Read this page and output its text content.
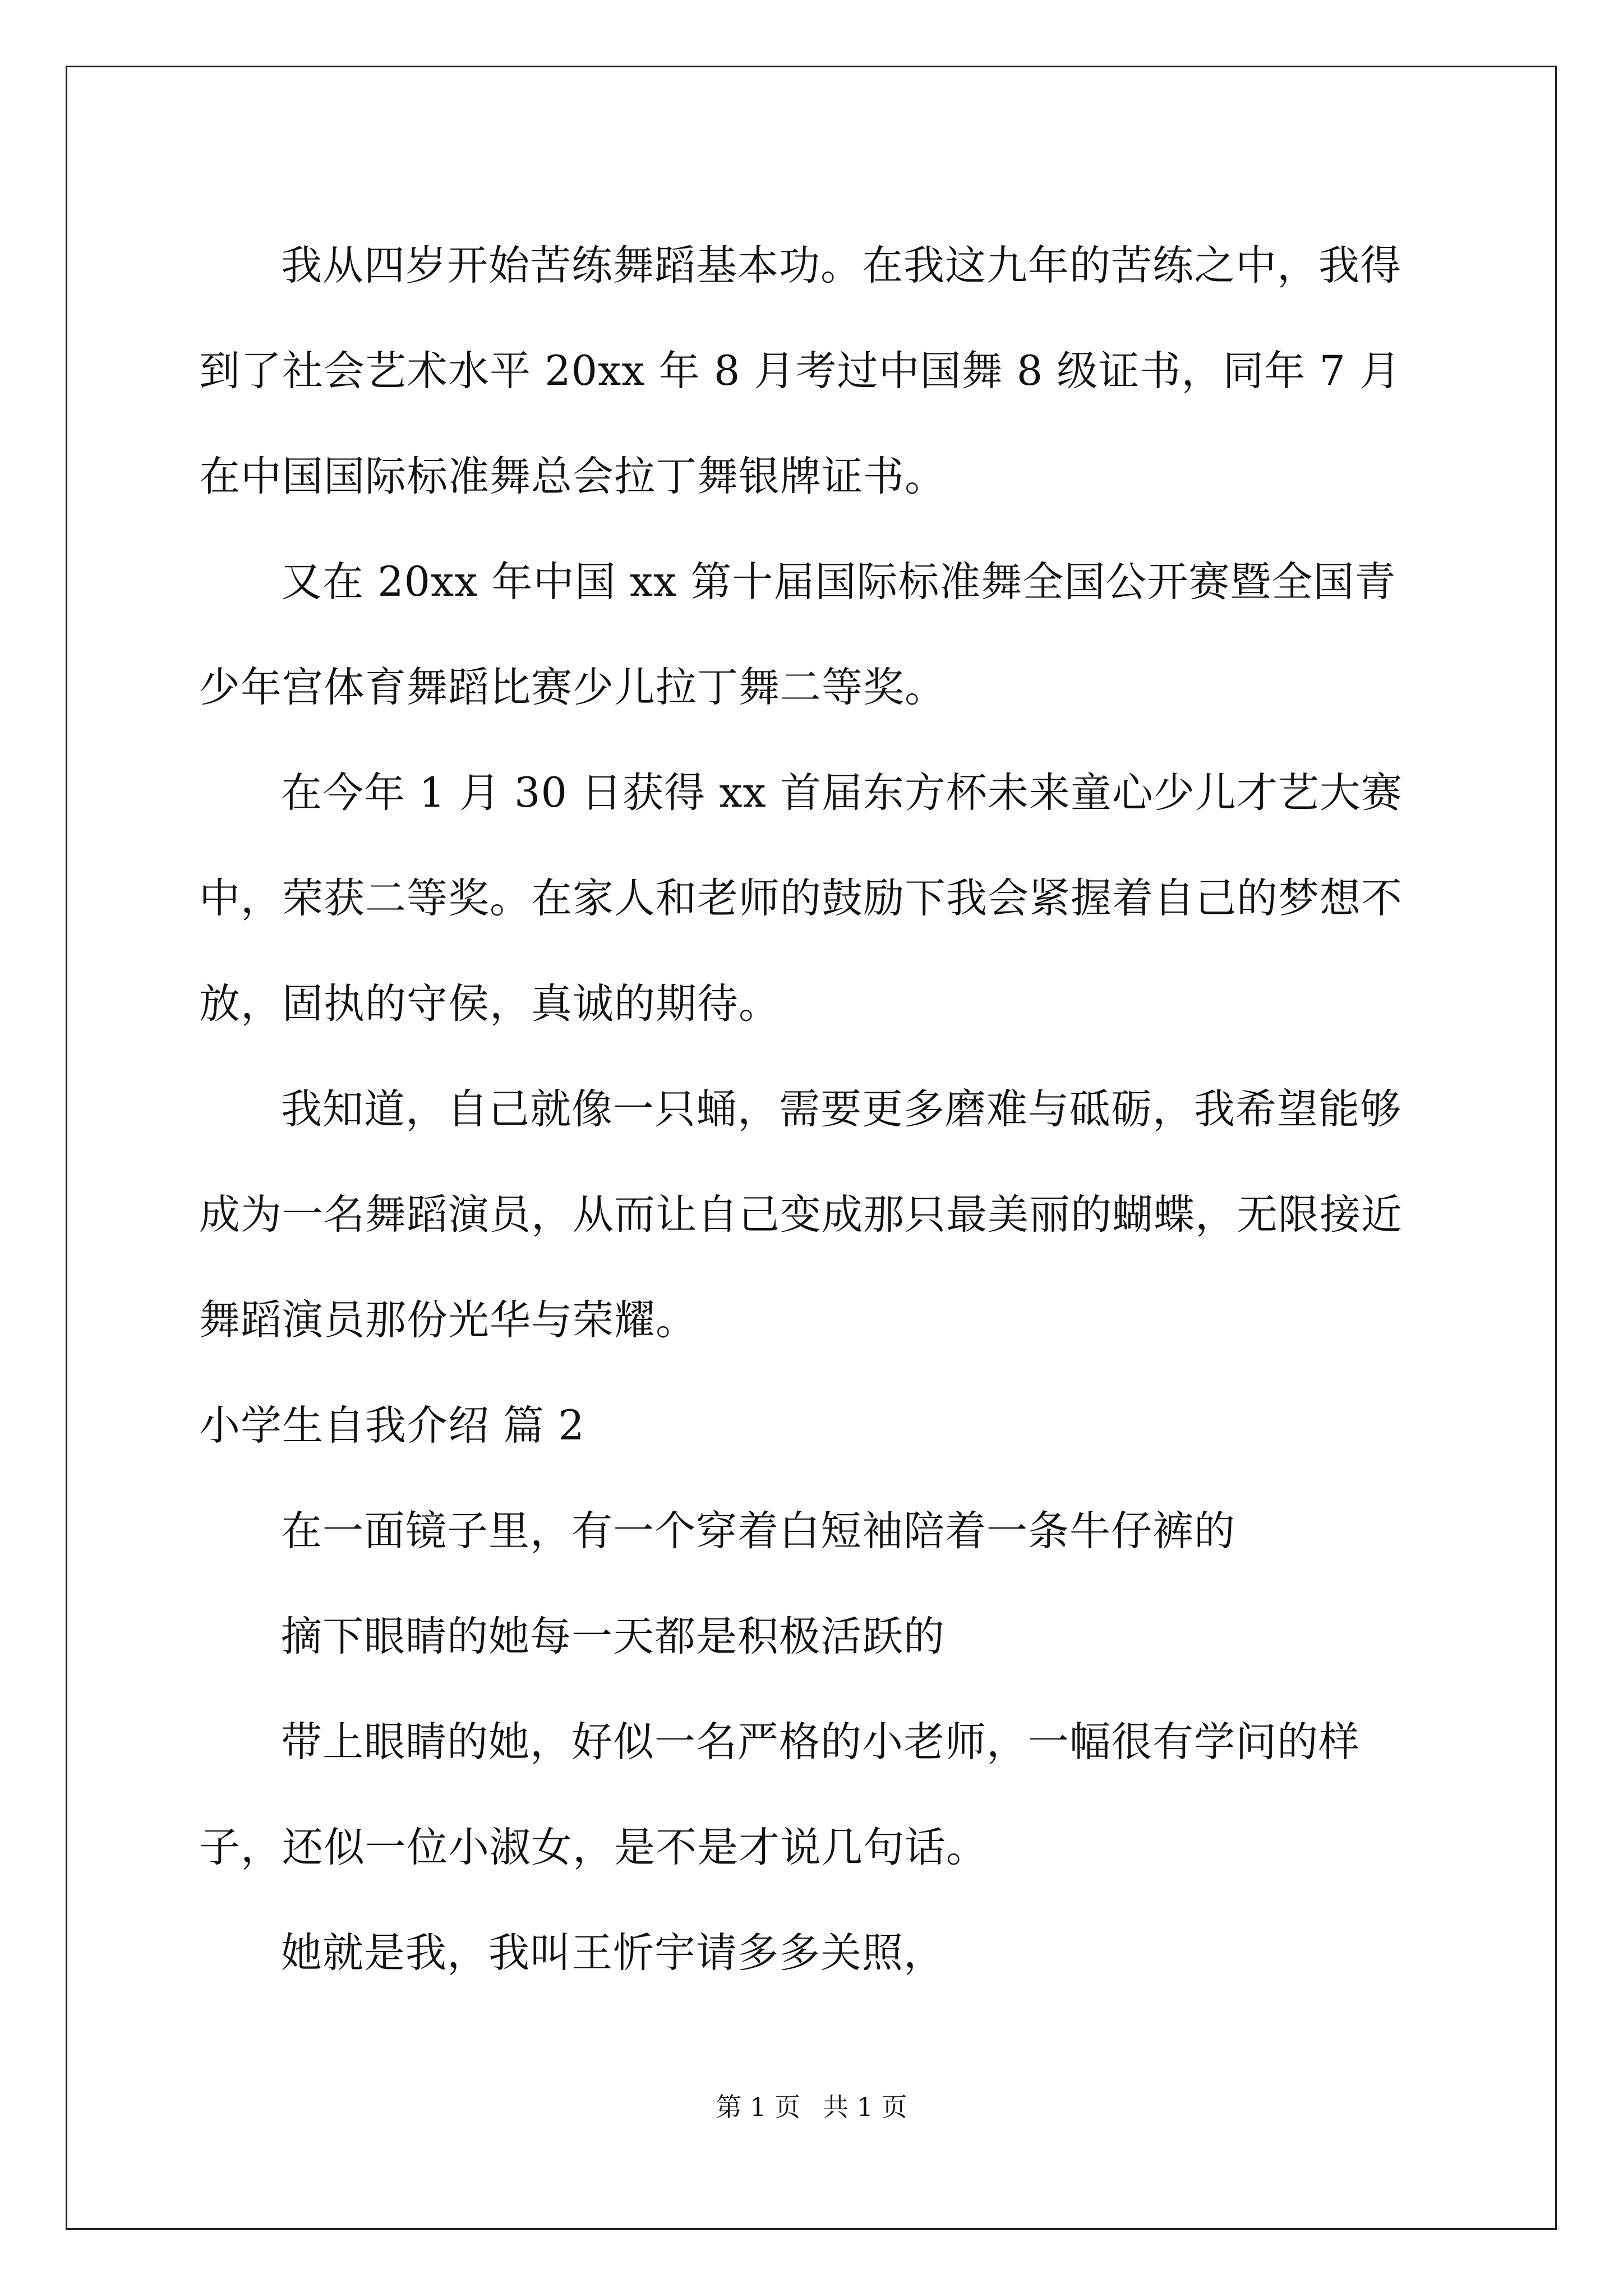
我从四岁开始苦练舞蹈基本功。在我这九年的苦练之中，我得到了社会艺术水平 20xx 年 8 月考过中国舞 8 级证书，同年 7 月在中国国际标准舞总会拉丁舞银牌证书。

又在 20xx 年中国 xx 第十届国际标准舞全国公开赛暨全国青少年宫体育舞蹈比赛少儿拉丁舞二等奖。

在今年 1 月 30 日获得 xx 首届东方杯未来童心少儿才艺大赛中，荣获二等奖。在家人和老师的鼓励下我会紧握着自己的梦想不放，固执的守侯，真诚的期待。

我知道，自己就像一只蛹，需要更多磨难与砥砺，我希望能够成为一名舞蹈演员，从而让自己变成那只最美丽的蝴蝶，无限接近舞蹈演员那份光华与荣耀。

小学生自我介绍 篇 2

在一面镜子里，有一个穿着白短袖陪着一条牛仔裤的

摘下眼睛的她每一天都是积极活跃的

带上眼睛的她，好似一名严格的小老师，一幅很有学问的样子，还似一位小淑女，是不是才说几句话。

她就是我，我叫王忻宇请多多关照，

第 1 页 共 1 页
